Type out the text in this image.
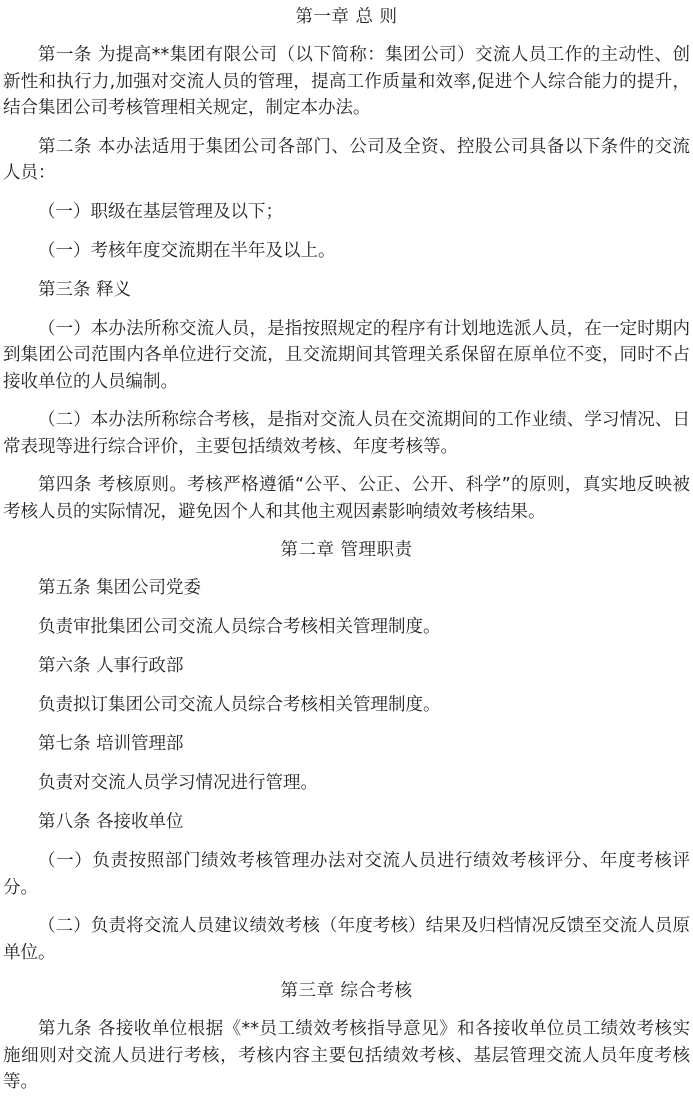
第一章 总 则

第一条 为提高**集团有限公司（以下简称：集团公司）交流人员工作的主动性、创新性和执行力,加强对交流人员的管理，提高工作质量和效率,促进个人综合能力的提升，结合集团公司考核管理相关规定，制定本办法。

第二条 本办法适用于集团公司各部门、公司及全资、控股公司具备以下条件的交流人员：

（一）职级在基层管理及以下；

（一）考核年度交流期在半年及以上。

第三条 释义

（一）本办法所称交流人员，是指按照规定的程序有计划地选派人员，在一定时期内到集团公司范围内各单位进行交流，且交流期间其管理关系保留在原单位不变，同时不占接收单位的人员编制。

（二）本办法所称综合考核，是指对交流人员在交流期间的工作业绩、学习情况、日常表现等进行综合评价，主要包括绩效考核、年度考核等。

第四条 考核原则。考核严格遵循“公平、公正、公开、科学”的原则，真实地反映被考核人员的实际情况，避免因个人和其他主观因素影响绩效考核结果。

第二章 管理职责

第五条 集团公司党委

负责审批集团公司交流人员综合考核相关管理制度。

第六条 人事行政部

负责拟订集团公司交流人员综合考核相关管理制度。

第七条 培训管理部

负责对交流人员学习情况进行管理。

第八条 各接收单位

（一）负责按照部门绩效考核管理办法对交流人员进行绩效考核评分、年度考核评分。

（二）负责将交流人员建议绩效考核（年度考核）结果及归档情况反馈至交流人员原单位。

第三章 综合考核

第九条 各接收单位根据《**员工绩效考核指导意见》和各接收单位员工绩效考核实施细则对交流人员进行考核，考核内容主要包括绩效考核、基层管理交流人员年度考核等。
